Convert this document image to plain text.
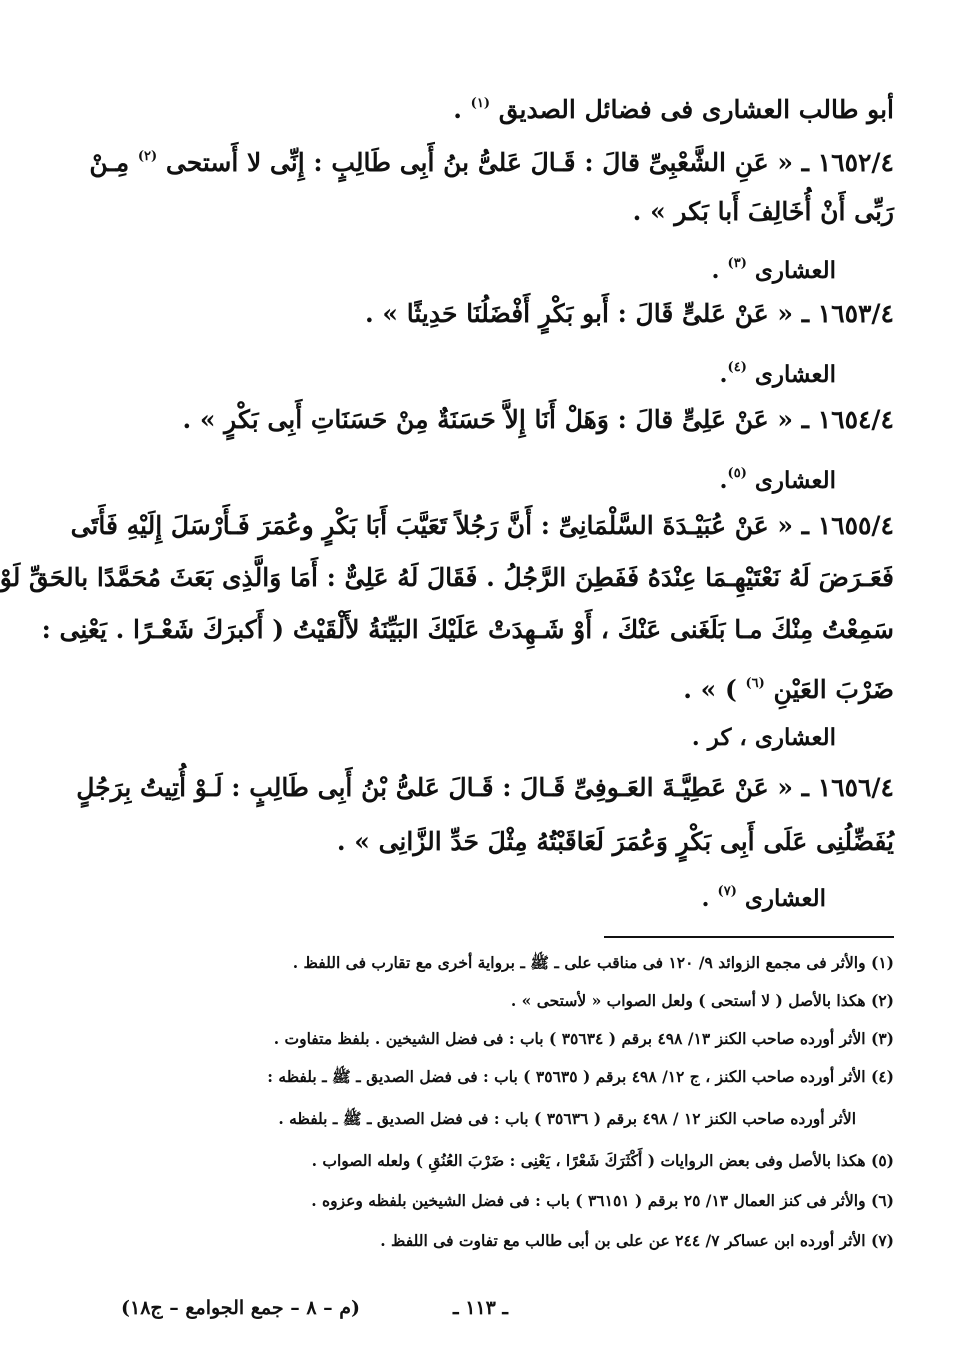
أبو طالب العشارى فى فضائل الصديق $^{(١)}$ .
١٦٥٢/٤ ـ « عَنِ الشَّعْبِىِّ قالَ : قَـالَ عَلىُّ بنُ أَبِى طَالِبٍ : إِنِّى لا أَستحى $^{(٢)}$ مِـنْ
رَبِّى أَنْ أُخَالِفَ أَبا بَكر » .
العشارى $^{(٣)}$ .
١٦٥٣/٤ ـ « عَنْ عَلىٍّ قَالَ : أَبو بَكْرٍ أَفْضَلُنَا حَدِيثًا » .
العشارى $^{(٤)}$.
١٦٥٤/٤ ـ « عَنْ عَلِىٍّ قالَ : وَهَلْ أَنَا إِلاَّ حَسَنَةٌ مِنْ حَسَنَاتِ أَبِى بَكْرٍ » .
العشارى $^{(٥)}$.
١٦٥٥/٤ ـ « عَنْ عُبَيْـدَةَ السَّلْمَانِىِّ : أَنَّ رَجُلاً تَعَيَّبَ أَبَا بَكْرٍ وعُمَرَ فَـأَرْسَلَ إِلَيْهِ فَأَتَى
فَعَـرَضَ لَهُ نَعْتَيْهِـمَا عِنْدَهُ فَفَطِنَ الرَّجُلُ . فَقَالَ لَهُ عَلِىٌّ : أَمَا وَالَّذِى بَعَثَ مُحَمَّدًا بالحَقِّ لَوْ
سَمِعْتُ مِنْكَ مـا بَلَغَنى عَنْكَ ، أَوْ شَـهِدَتْ عَلَيْكَ البَيِّنَةُ لأَلْقَيْتُ ( أَكبرَكَ شَعْـرًا . يَعْنِى :
ضَرْبَ العَيْنِ $^{(٦)}$ ) » .
العشارى ، كر .
١٦٥٦/٤ ـ « عَنْ عَطِيَّـةَ العَـوفِىِّ قَـالَ : قَـالَ عَلىُّ بْنُ أَبِى طَالِبٍ : لَـوْ أُتِيتُ بِرَجُلٍ
يُفَضِّلُنِى عَلَى أَبِى بَكْرٍ وَعُمَرَ لَعَاقَبْتُهُ مِثْلَ حَدِّ الزَّانِى » .
العشارى $^{(٧)}$ .
(١) والأثر فى مجمع الزوائد ٩/ ١٢٠ فى مناقب على ـ ﷺ ـ برواية أخرى مع تقارب فى اللفظ .
(٢) هكذا بالأصل ( لا أستحى ) ولعل الصواب « لأستحى » .
(٣) الأثر أورده صاحب الكنز ١٣/ ٤٩٨ برقم ( ٣٥٦٣٤ ) باب : فى فضل الشيخين . بلفظ متفاوت .
(٤) الأثر أورده صاحب الكنز ، ج ١٢/ ٤٩٨ برقم ( ٣٥٦٣٥ ) باب : فى فضل الصديق ـ ﷺ ـ بلفظه :
الأثر أورده صاحب الكنز ١٢ / ٤٩٨ برقم ( ٣٥٦٣٦ ) باب : فى فضل الصديق ـ ﷺ ـ بلفظه .
(٥) هكذا بالأصل وفى بعض الروايات ( أَكْثَرَكَ شَعْرًا ، يَعْنِى : ضَرْبَ العُنُقِ ) ولعله الصواب .
(٦) والأثر فى كنز العمال ١٣/ ٢٥ برقم ( ٣٦١٥١ ) باب : فى فضل الشيخين بلفظه وعزوه .
(٧) الأثر أورده ابن عساكر ٧/ ٢٤٤ عن على بن أبى طالب مع تفاوت فى اللفظ .
ـ ١١٣ ـ
(م – ٨ – جمع الجوامع – ج١٨)
